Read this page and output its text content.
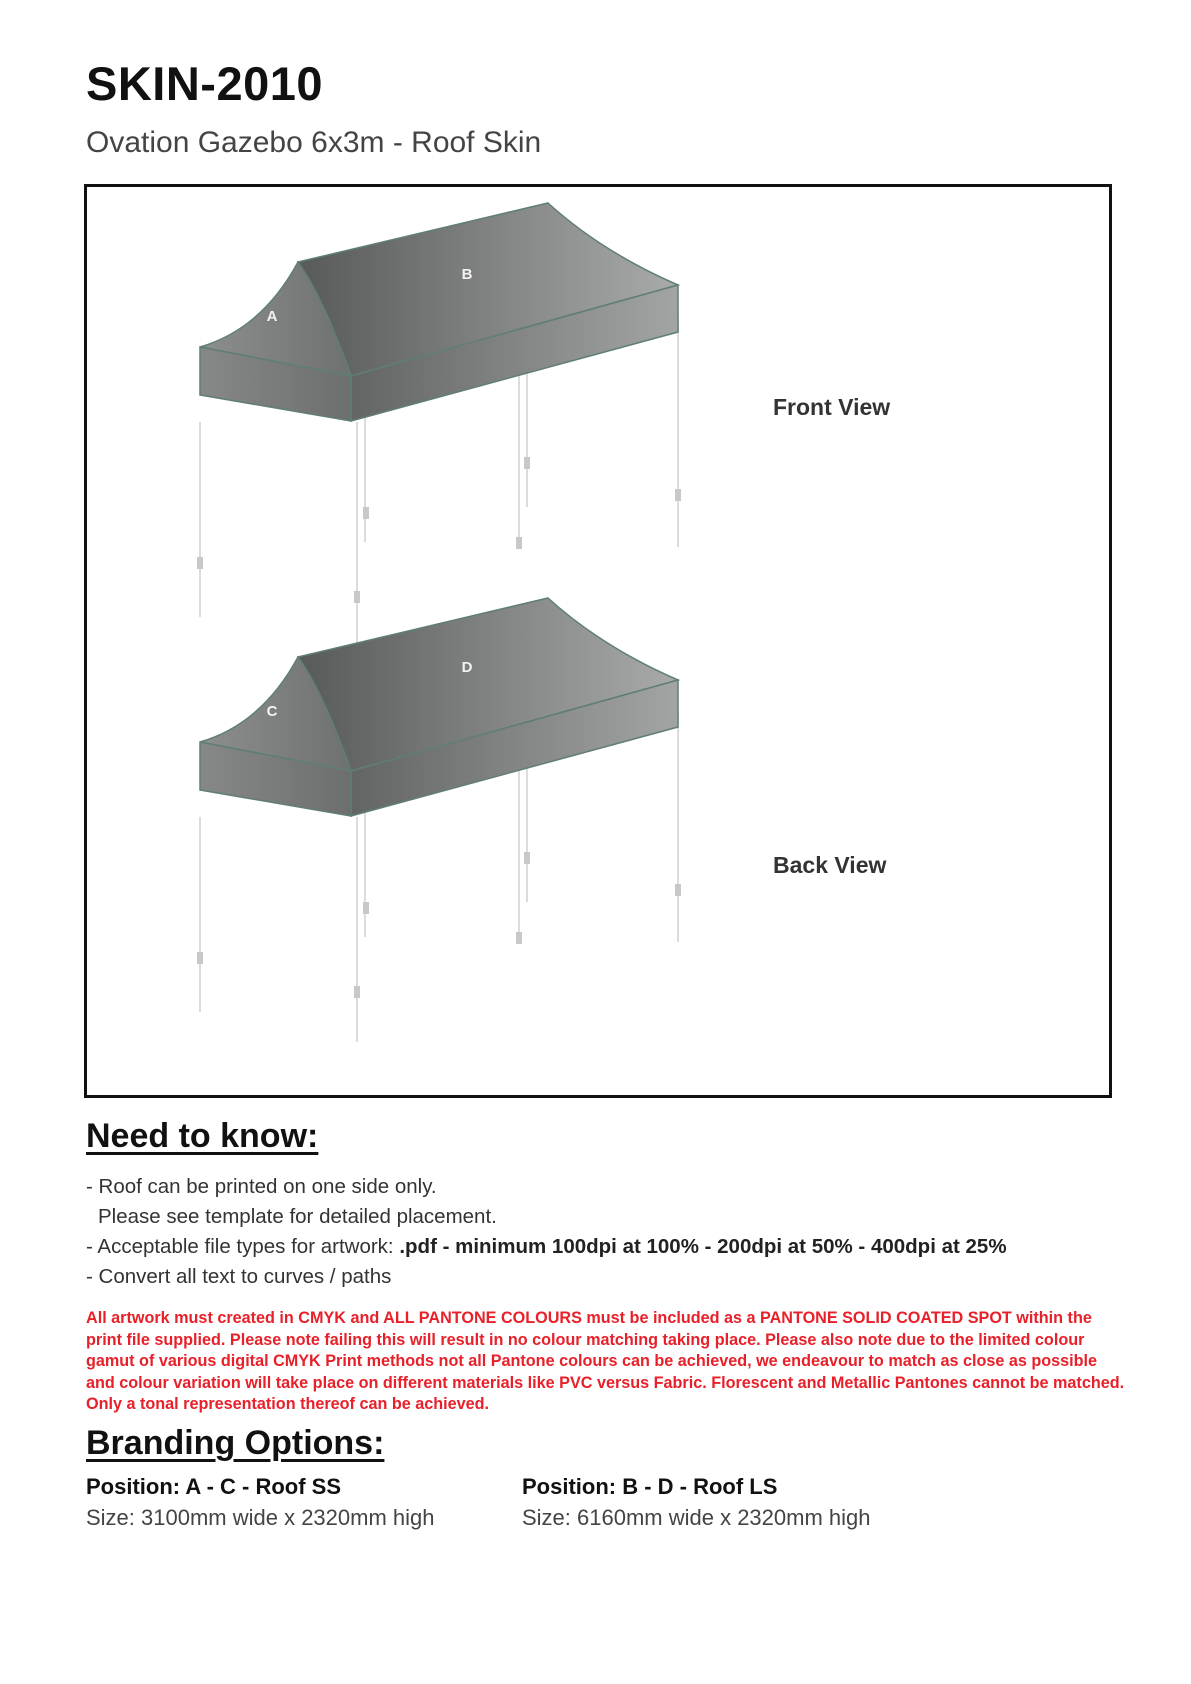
SKIN-2010

Ovation Gazebo 6x3m - Roof Skin

B
A
D
C

Front View

Back View

Need to know:
- Roof can be printed on one side only.
Please see template for detailed placement.
- Acceptable file types for artwork: .pdf - minimum 100dpi at 100% - 200dpi at 50% - 400dpi at 25%
- Convert all text to curves / paths

All artwork must created in CMYK and ALL PANTONE COLOURS must be included as a PANTONE SOLID COATED SPOT within the print file supplied. Please note failing this will result in no colour matching taking place. Please also note due to the limited colour gamut of various digital CMYK Print methods not all Pantone colours can be achieved, we endeavour to match as close as possible and colour variation will take place on different materials like PVC versus Fabric. Florescent and Metallic Pantones cannot be matched. Only a tonal representation thereof can be achieved.

Branding Options:

Position: A - C - Roof SS

Size: 3100mm wide x 2320mm high

Position: B - D - Roof LS

Size: 6160mm wide x 2320mm high
